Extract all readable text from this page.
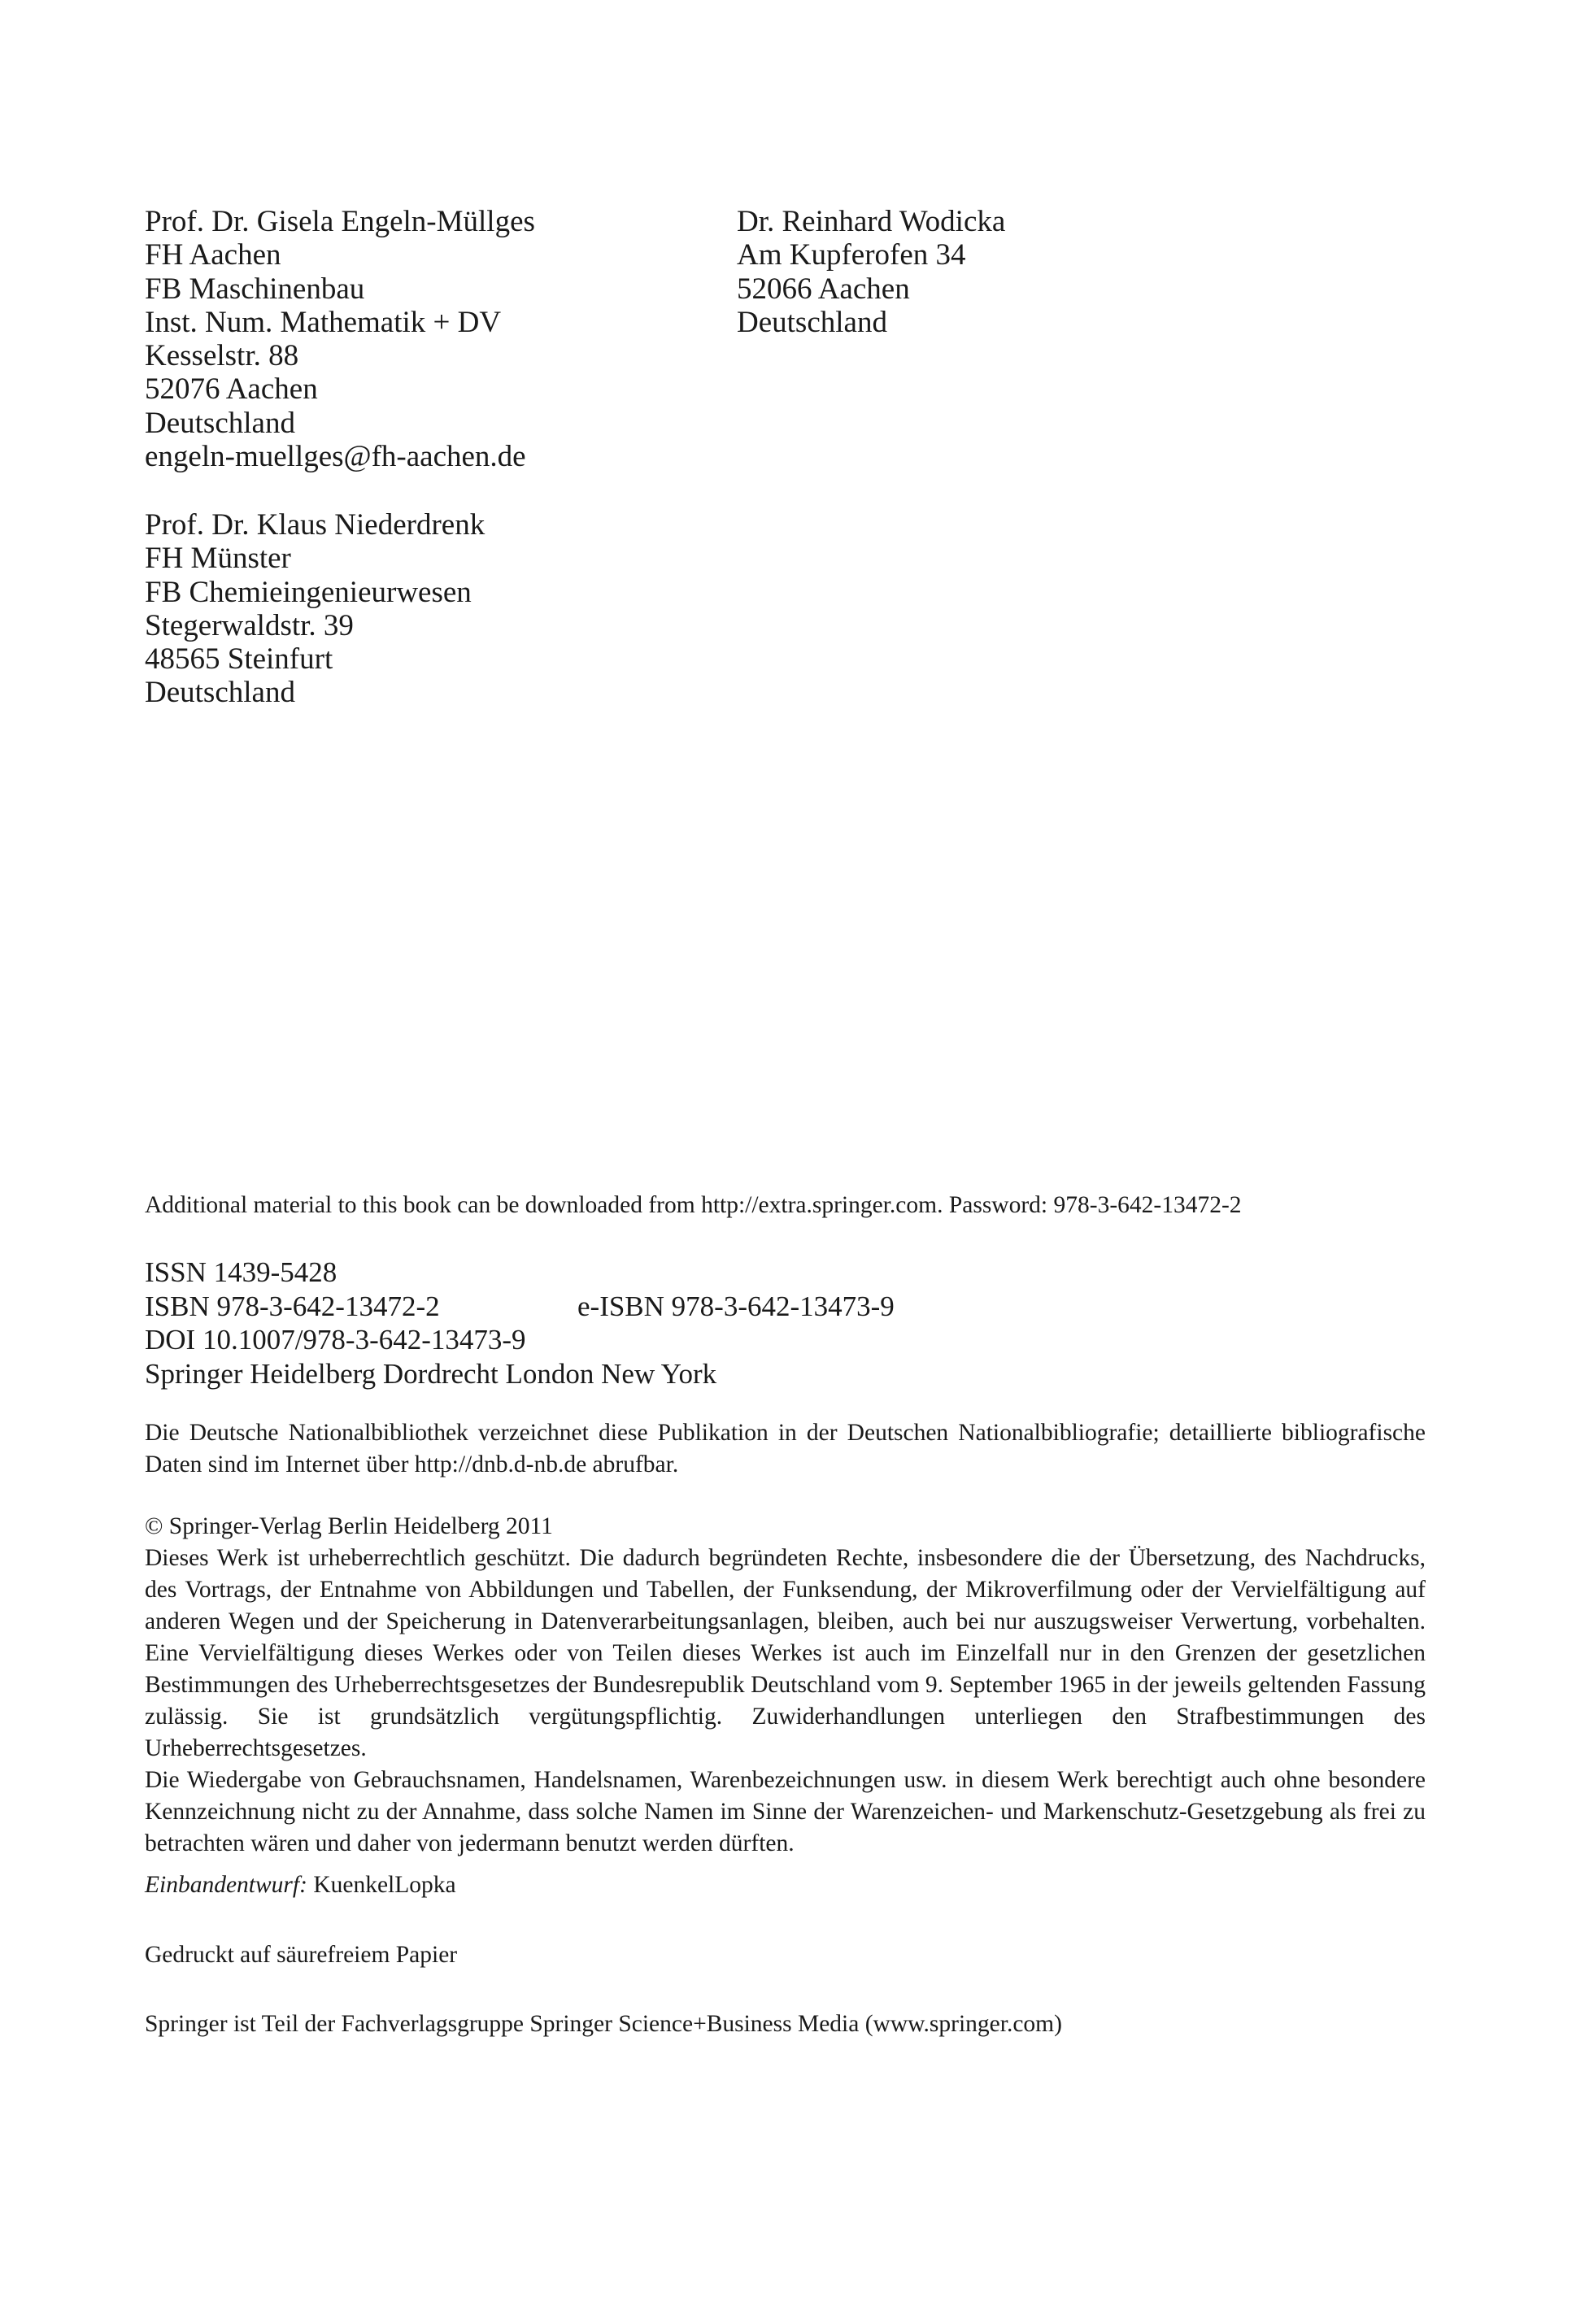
Prof. Dr. Gisela Engeln-Müllges
FH Aachen
FB Maschinenbau
Inst. Num. Mathematik + DV
Kesselstr. 88
52076 Aachen
Deutschland
engeln-muellges@fh-aachen.de
Dr. Reinhard Wodicka
Am Kupferofen 34
52066 Aachen
Deutschland
Prof. Dr. Klaus Niederdrenk
FH Münster
FB Chemieingenieurwesen
Stegerwaldstr. 39
48565 Steinfurt
Deutschland
Additional material to this book can be downloaded from http://extra.springer.com. Password: 978-3-642-13472-2
ISSN 1439-5428
ISBN 978-3-642-13472-2	e-ISBN 978-3-642-13473-9
DOI 10.1007/978-3-642-13473-9
Springer Heidelberg Dordrecht London New York
Die Deutsche Nationalbibliothek verzeichnet diese Publikation in der Deutschen Nationalbibliografie; detaillierte bibliografische Daten sind im Internet über http://dnb.d-nb.de abrufbar.
© Springer-Verlag Berlin Heidelberg 2011

Dieses Werk ist urheberrechtlich geschützt. Die dadurch begründeten Rechte, insbesondere die der Übersetzung, des Nachdrucks, des Vortrags, der Entnahme von Abbildungen und Tabellen, der Funksendung, der Mikroverfilmung oder der Vervielfältigung auf anderen Wegen und der Speicherung in Datenverarbeitungsanlagen, bleiben, auch bei nur auszugsweiser Verwertung, vorbehalten. Eine Vervielfältigung dieses Werkes oder von Teilen dieses Werkes ist auch im Einzelfall nur in den Grenzen der gesetzlichen Bestimmungen des Urheberrechtsgesetzes der Bundesrepublik Deutschland vom 9. September 1965 in der jeweils geltenden Fassung zulässig. Sie ist grundsätzlich vergütungspflichtig. Zuwiderhandlungen unterliegen den Strafbestimmungen des Urheberrechtsgesetzes.

Die Wiedergabe von Gebrauchsnamen, Handelsnamen, Warenbezeichnungen usw. in diesem Werk berechtigt auch ohne besondere Kennzeichnung nicht zu der Annahme, dass solche Namen im Sinne der Warenzeichen- und Markenschutz-Gesetzgebung als frei zu betrachten wären und daher von jedermann benutzt werden dürften.

Einbandentwurf: KuenkelLopka
Gedruckt auf säurefreiem Papier
Springer ist Teil der Fachverlagsgruppe Springer Science+Business Media (www.springer.com)
